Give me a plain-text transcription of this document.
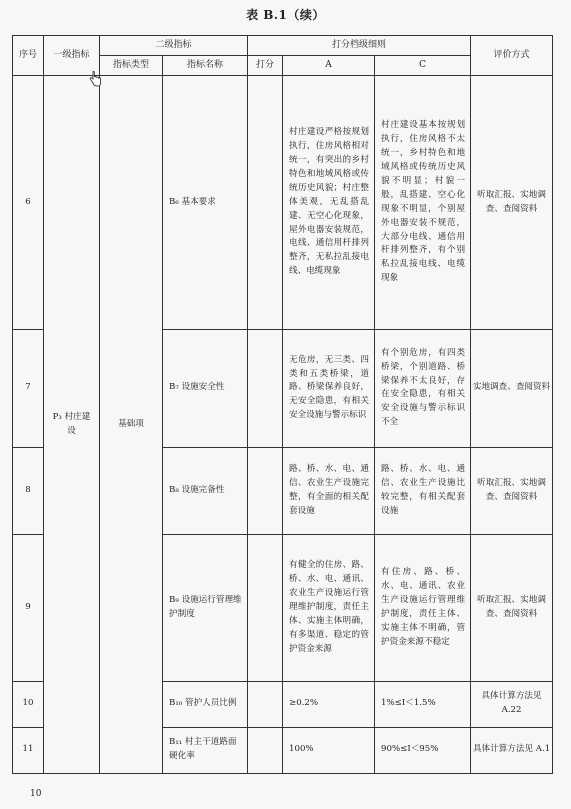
表 B.1（续）
序号	一级指标	二级指标		打分档级细则			评价方式
		指标类型	指标名称	打分	A	C	
6	P₃ 村庄建设	基础项	B₆ 基本要求		村庄建设严格按规划执行，住房风格相对统一，有突出的乡村特色和地域风格或传统历史风貌；村庄整体美观，无乱搭乱建、无空心化现象，屋外电器安装规范，电线、通信用杆排列整齐，无私拉乱接电线、电缆现象	村庄建设基本按规划执行，住房风格不太统一，乡村特色和地域风格或传统历史风貌不明显；村貌一般，乱搭建、空心化现象不明显，个别屋外电器安装不规范，大部分电线、通信用杆排列整齐，有个别私拉乱接电线、电缆现象	听取汇报、实地调查、查阅资料
7			B₇ 设施安全性		无危房，无三类、四类和五类桥梁，道路、桥梁保养良好，无安全隐患，有相关安全设施与警示标识	有个别危房，有四类桥梁，个别道路、桥梁保养不太良好，存在安全隐患，有相关安全设施与警示标识不全	实地调查、查阅资料
8			B₈ 设施完备性		路、桥、水、电、通信、农业生产设施完整，有全面的相关配套设施	路、桥、水、电、通信、农业生产设施比较完整，有相关配套设施	听取汇报、实地调查、查阅资料
9			B₉ 设施运行管理维护制度		有健全的住房、路、桥、水、电、通讯、农业生产设施运行管理维护制度，责任主体、实施主体明确，有多渠道、稳定的管护资金来源	有住房、路、桥、水、电、通讯、农业生产设施运行管理维护制度，责任主体、实施主体不明确，管护资金来源不稳定	听取汇报、实地调查、查阅资料
10			B₁₀ 管护人员比例		≥0.2%	1%≤I＜1.5%	具体计算方法见 A.22
11			B₁₁ 村主干道路面硬化率		100%	90%≤I＜95%	具体计算方法见 A.1
10
